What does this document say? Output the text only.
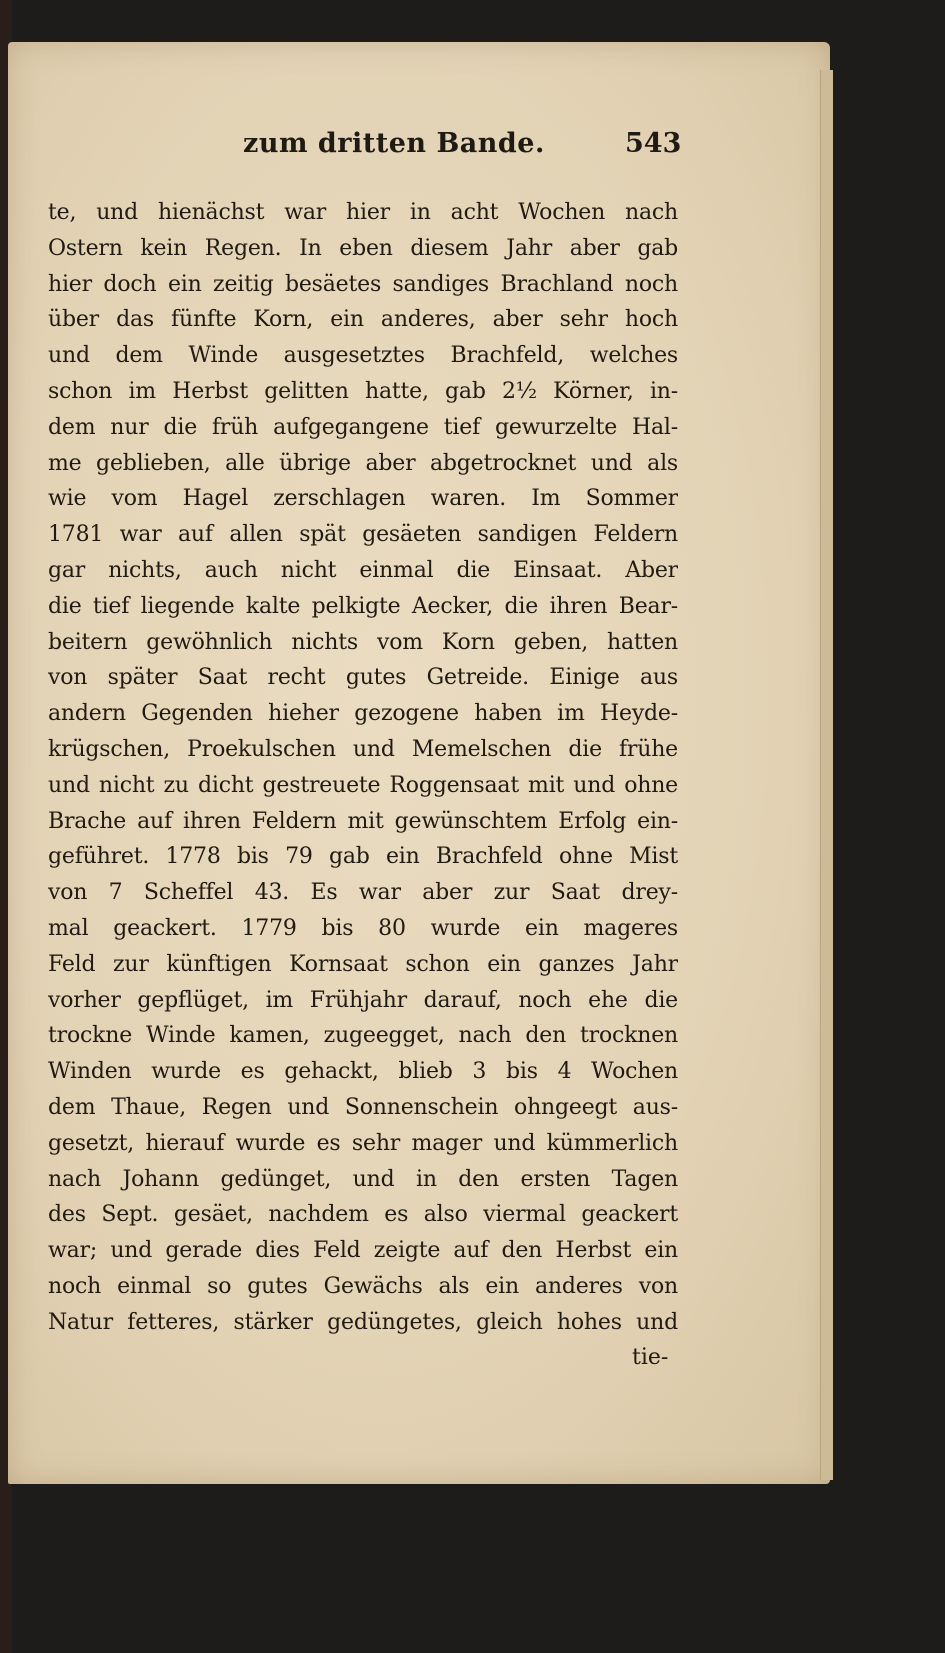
zum dritten Bande.	543
te, und hienächst war hier in acht Wochen nach
Ostern kein Regen. In eben diesem Jahr aber gab
hier doch ein zeitig besäetes sandiges Brachland noch
über das fünfte Korn, ein anderes, aber sehr hoch
und dem Winde ausgesetztes Brachfeld, welches
schon im Herbst gelitten hatte, gab 2½ Körner, in-
dem nur die früh aufgegangene tief gewurzelte Hal-
me geblieben, alle übrige aber abgetrocknet und als
wie vom Hagel zerschlagen waren. Im Sommer
1781 war auf allen spät gesäeten sandigen Feldern
gar nichts, auch nicht einmal die Einsaat. Aber
die tief liegende kalte pelkigte Aecker, die ihren Bear-
beitern gewöhnlich nichts vom Korn geben, hatten
von später Saat recht gutes Getreide. Einige aus
andern Gegenden hieher gezogene haben im Heyde-
krügschen, Proekulschen und Memelschen die frühe
und nicht zu dicht gestreuete Roggensaat mit und ohne
Brache auf ihren Feldern mit gewünschtem Erfolg ein-
geführet. 1778 bis 79 gab ein Brachfeld ohne Mist
von 7 Scheffel 43. Es war aber zur Saat drey-
mal geackert. 1779 bis 80 wurde ein mageres
Feld zur künftigen Kornsaat schon ein ganzes Jahr
vorher gepflüget, im Frühjahr darauf, noch ehe die
trockne Winde kamen, zugeegget, nach den trocknen
Winden wurde es gehackt, blieb 3 bis 4 Wochen
dem Thaue, Regen und Sonnenschein ohngeegt aus-
gesetzt, hierauf wurde es sehr mager und kümmerlich
nach Johann gedünget, und in den ersten Tagen
des Sept. gesäet, nachdem es also viermal geackert
war; und gerade dies Feld zeigte auf den Herbst ein
noch einmal so gutes Gewächs als ein anderes von
Natur fetteres, stärker gedüngetes, gleich hohes und
tie-
